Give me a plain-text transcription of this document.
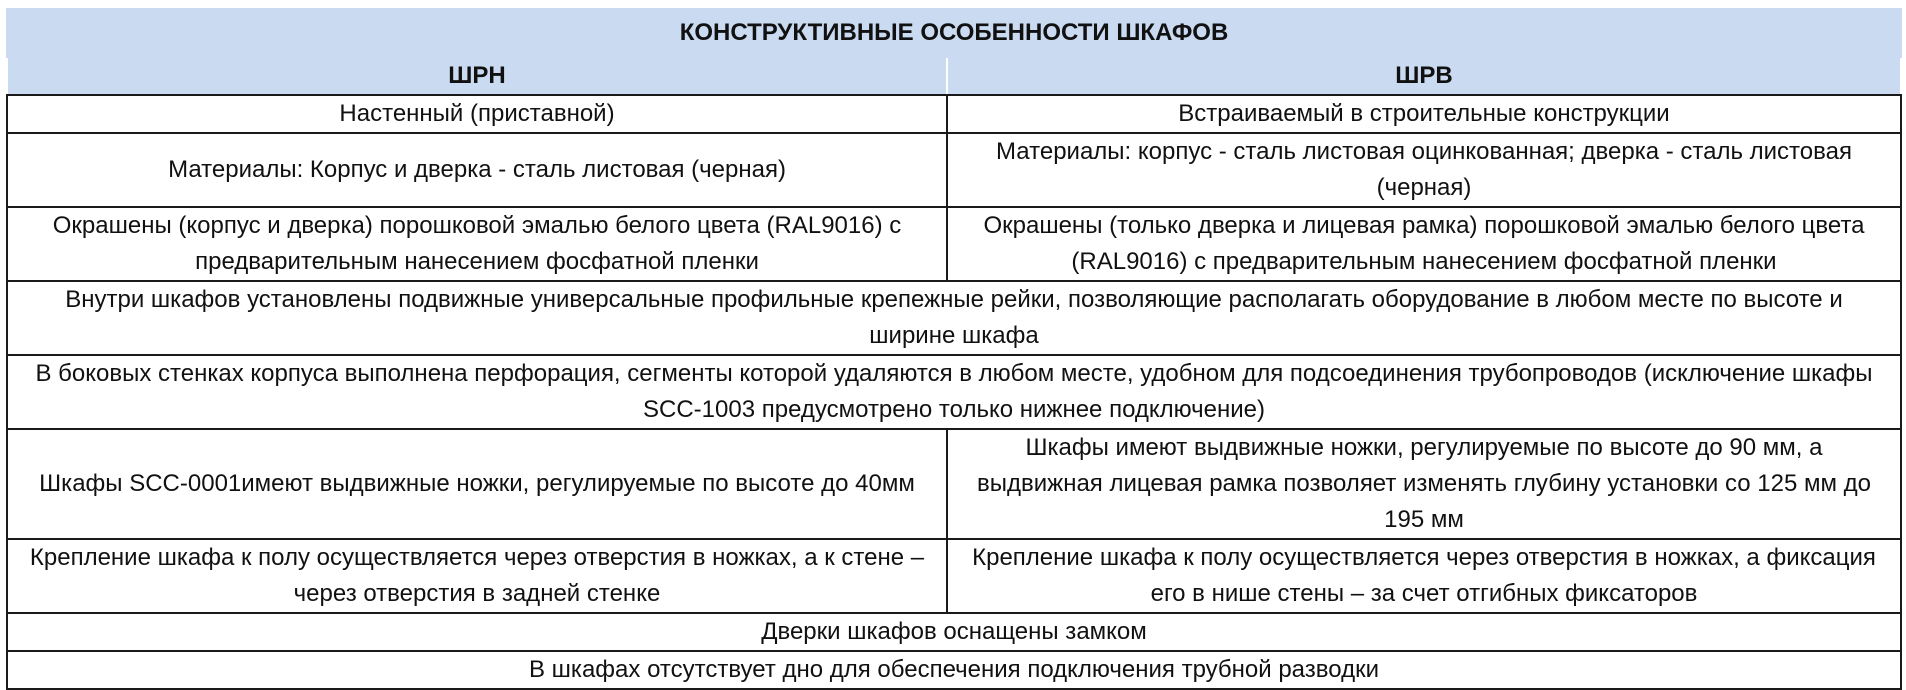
КОНСТРУКТИВНЫЕ ОСОБЕННОСТИ ШКАФОВ	
ШРН	ШРВ
Настенный (приставной)	Встраиваемый в строительные конструкции
Материалы: Корпус и дверка - сталь листовая (черная)	Материалы: корпус - сталь листовая оцинкованная; дверка - сталь листовая (черная)
Окрашены (корпус и дверка) порошковой эмалью белого цвета (RAL9016) с предварительным нанесением фосфатной пленки	Окрашены (только дверка и лицевая рамка) порошковой эмалью белого цвета (RAL9016) с предварительным нанесением фосфатной пленки
Внутри шкафов установлены подвижные универсальные профильные крепежные рейки, позволяющие располагать оборудование в любом месте по высоте и ширине шкафа	
В боковых стенках корпуса выполнена перфорация, сегменты которой удаляются в любом месте, удобном для подсоединения трубопроводов (исключение шкафы SCC-1003 предусмотрено только нижнее подключение)	
Шкафы SCC-0001имеют выдвижные ножки, регулируемые по высоте до 40мм	Шкафы имеют выдвижные ножки, регулируемые по высоте до 90 мм, а выдвижная лицевая рамка позволяет изменять глубину установки со 125 мм до 195 мм
Крепление шкафа к полу осуществляется через отверстия в ножках, а к стене – через отверстия в задней стенке	Крепление шкафа к полу осуществляется через отверстия в ножках, а фиксация его в нише стены – за счет отгибных фиксаторов
Дверки шкафов оснащены замком	
В шкафах отсутствует дно для обеспечения подключения трубной разводки	
